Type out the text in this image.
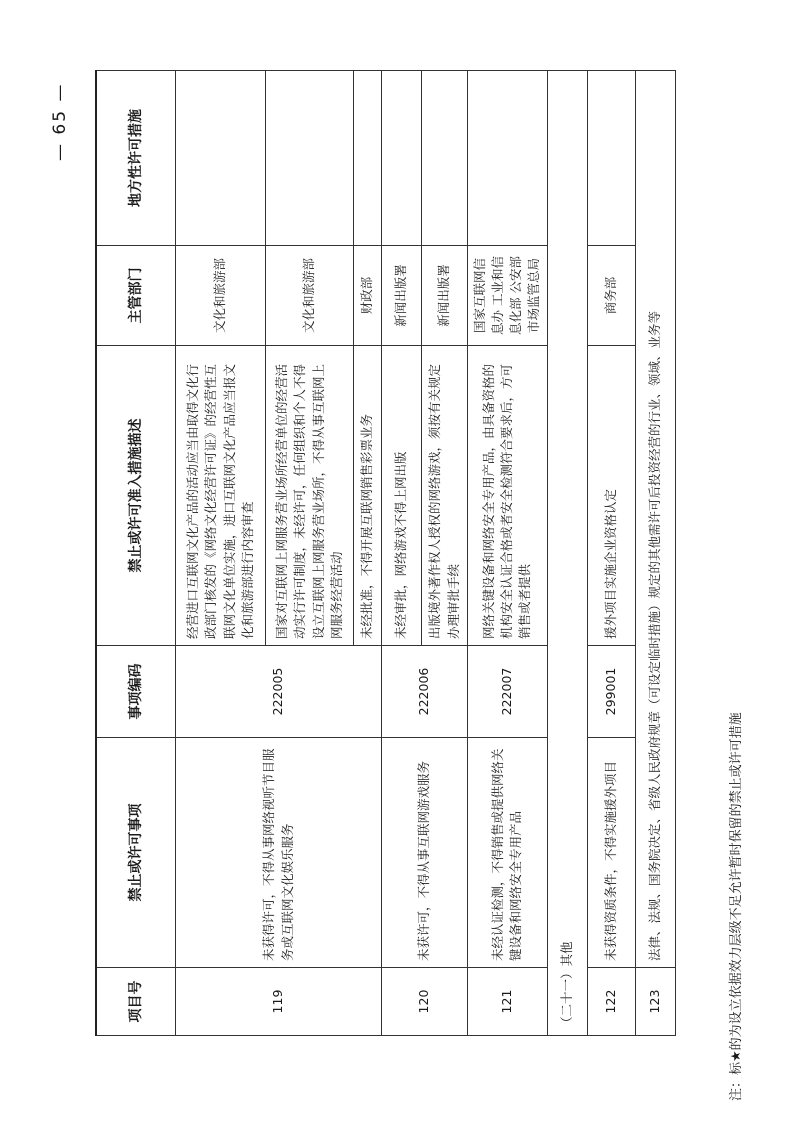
— 65 —
项目号	禁止或许可事项	事项编码	禁止或许可准入措施描述	主管部门	地方性许可措施
119	未获得许可，不得从事网络视听节目服务或互联网文化娱乐服务	222005	经营进口互联网文化产品的活动应当由取得文化行政部门核发的《网络文化经营许可证》的经营性互联网文化单位实施，进口互联网文化产品应当报文化和旅游部进行内容审查	文化和旅游部	
			国家对互联网上网服务营业场所经营单位的经营活动实行许可制度，未经许可，任何组织和个人不得设立互联网上网服务营业场所，不得从事互联网上网服务经营活动	文化和旅游部	
			未经批准，不得开展互联网销售彩票业务	财政部	
120	未获许可，不得从事互联网游戏服务	222006	未经审批，网络游戏不得上网出版	新闻出版署	
			出版境外著作权人授权的网络游戏，须按有关规定办理审批手续	新闻出版署	
121	未经认证检测，不得销售或提供网络关键设备和网络安全专用产品	222007	网络关键设备和网络安全专用产品，由具备资格的机构安全认证合格或者安全检测符合要求后，方可销售或者提供	国家互联网信息办 工业和信息化部 公安部 市场监管总局	
（二十一）其他					
122	未获得资质条件，不得实施援外项目	299001	援外项目实施企业资格认定	商务部	
123	法律、法规、国务院决定、省级人民政府规章（可设定临时措施）规定的其他需许可后投资经营的行业、领域、业务等					注：标★的为设立依据效力层级不足允许暂时保留的禁止或许可措施
